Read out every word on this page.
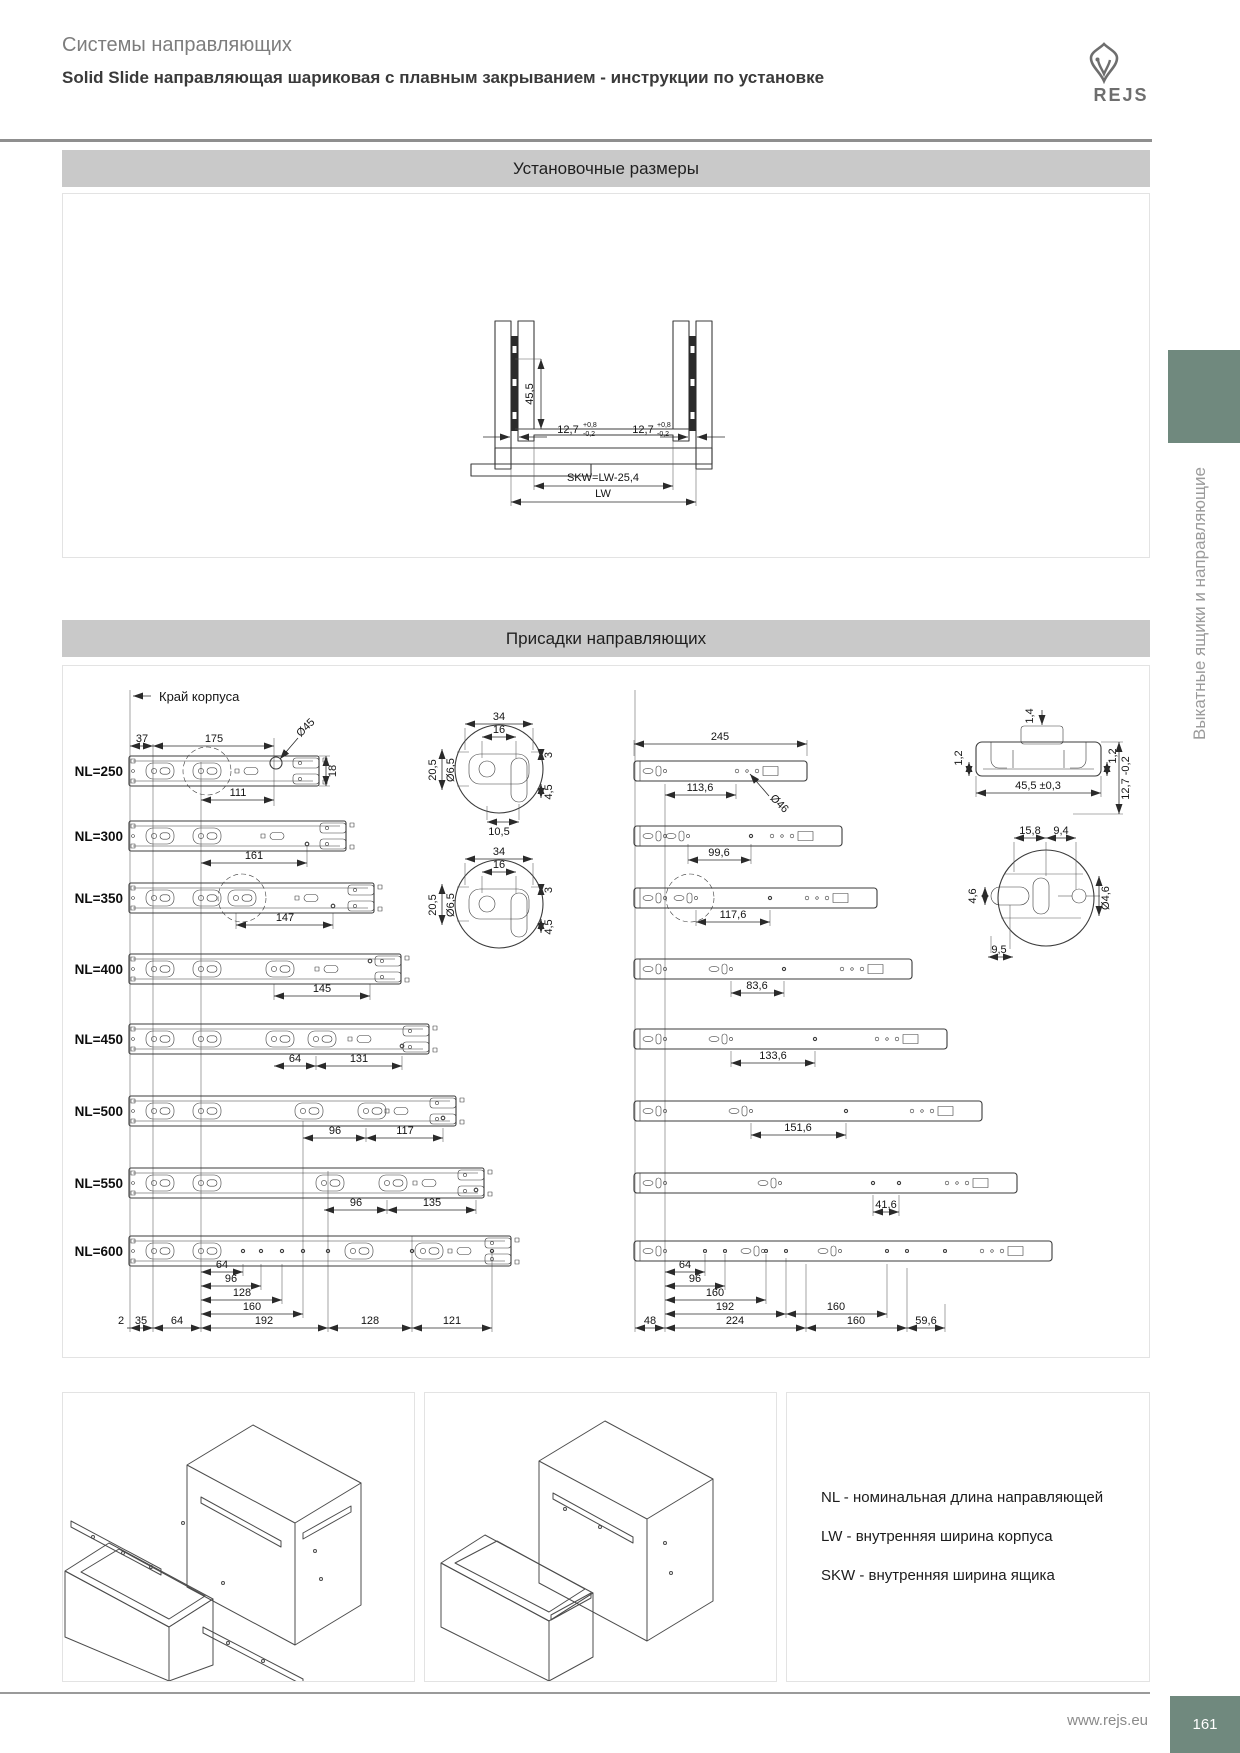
Системы направляющих
Solid Slide направляющая шариковая с плавным закрыванием - инструкции по установке
REJS
Установочные размеры
45,5
12,7 +0,8
-0,2	12,7 +0,8
-0,2
SKW=LW-25,4
LW
Присадки направляющих
Край корпуса
NL=250
NL=300
NL=350
NL=400
NL=450
NL=500
NL=550
NL=600
37	175	Ø45
18
111
161
147
145
64	131
96	117
96	135
64
96
128
160
2 35 64	192	128	121
245
113,6
Ø46
99,6
117,6
83,6
133,6
151,6
41,6
64
96
160
192	160
48	224	160	59,6
34
16
3
20,5 Ø6,5
4,5
10,5
34
16
3
20,5 Ø6,5
4,5
1,4
1,2	1,2
45,5 ±0,3	12,7 -0,2
15,8 9,4
4,6	Ø4,6
9,5
NL - номинальная длина направляющей
LW - внутренняя ширина корпуса
SKW - внутренняя ширина ящика
Выкатные ящики и направляющие
www.rejs.eu	161
